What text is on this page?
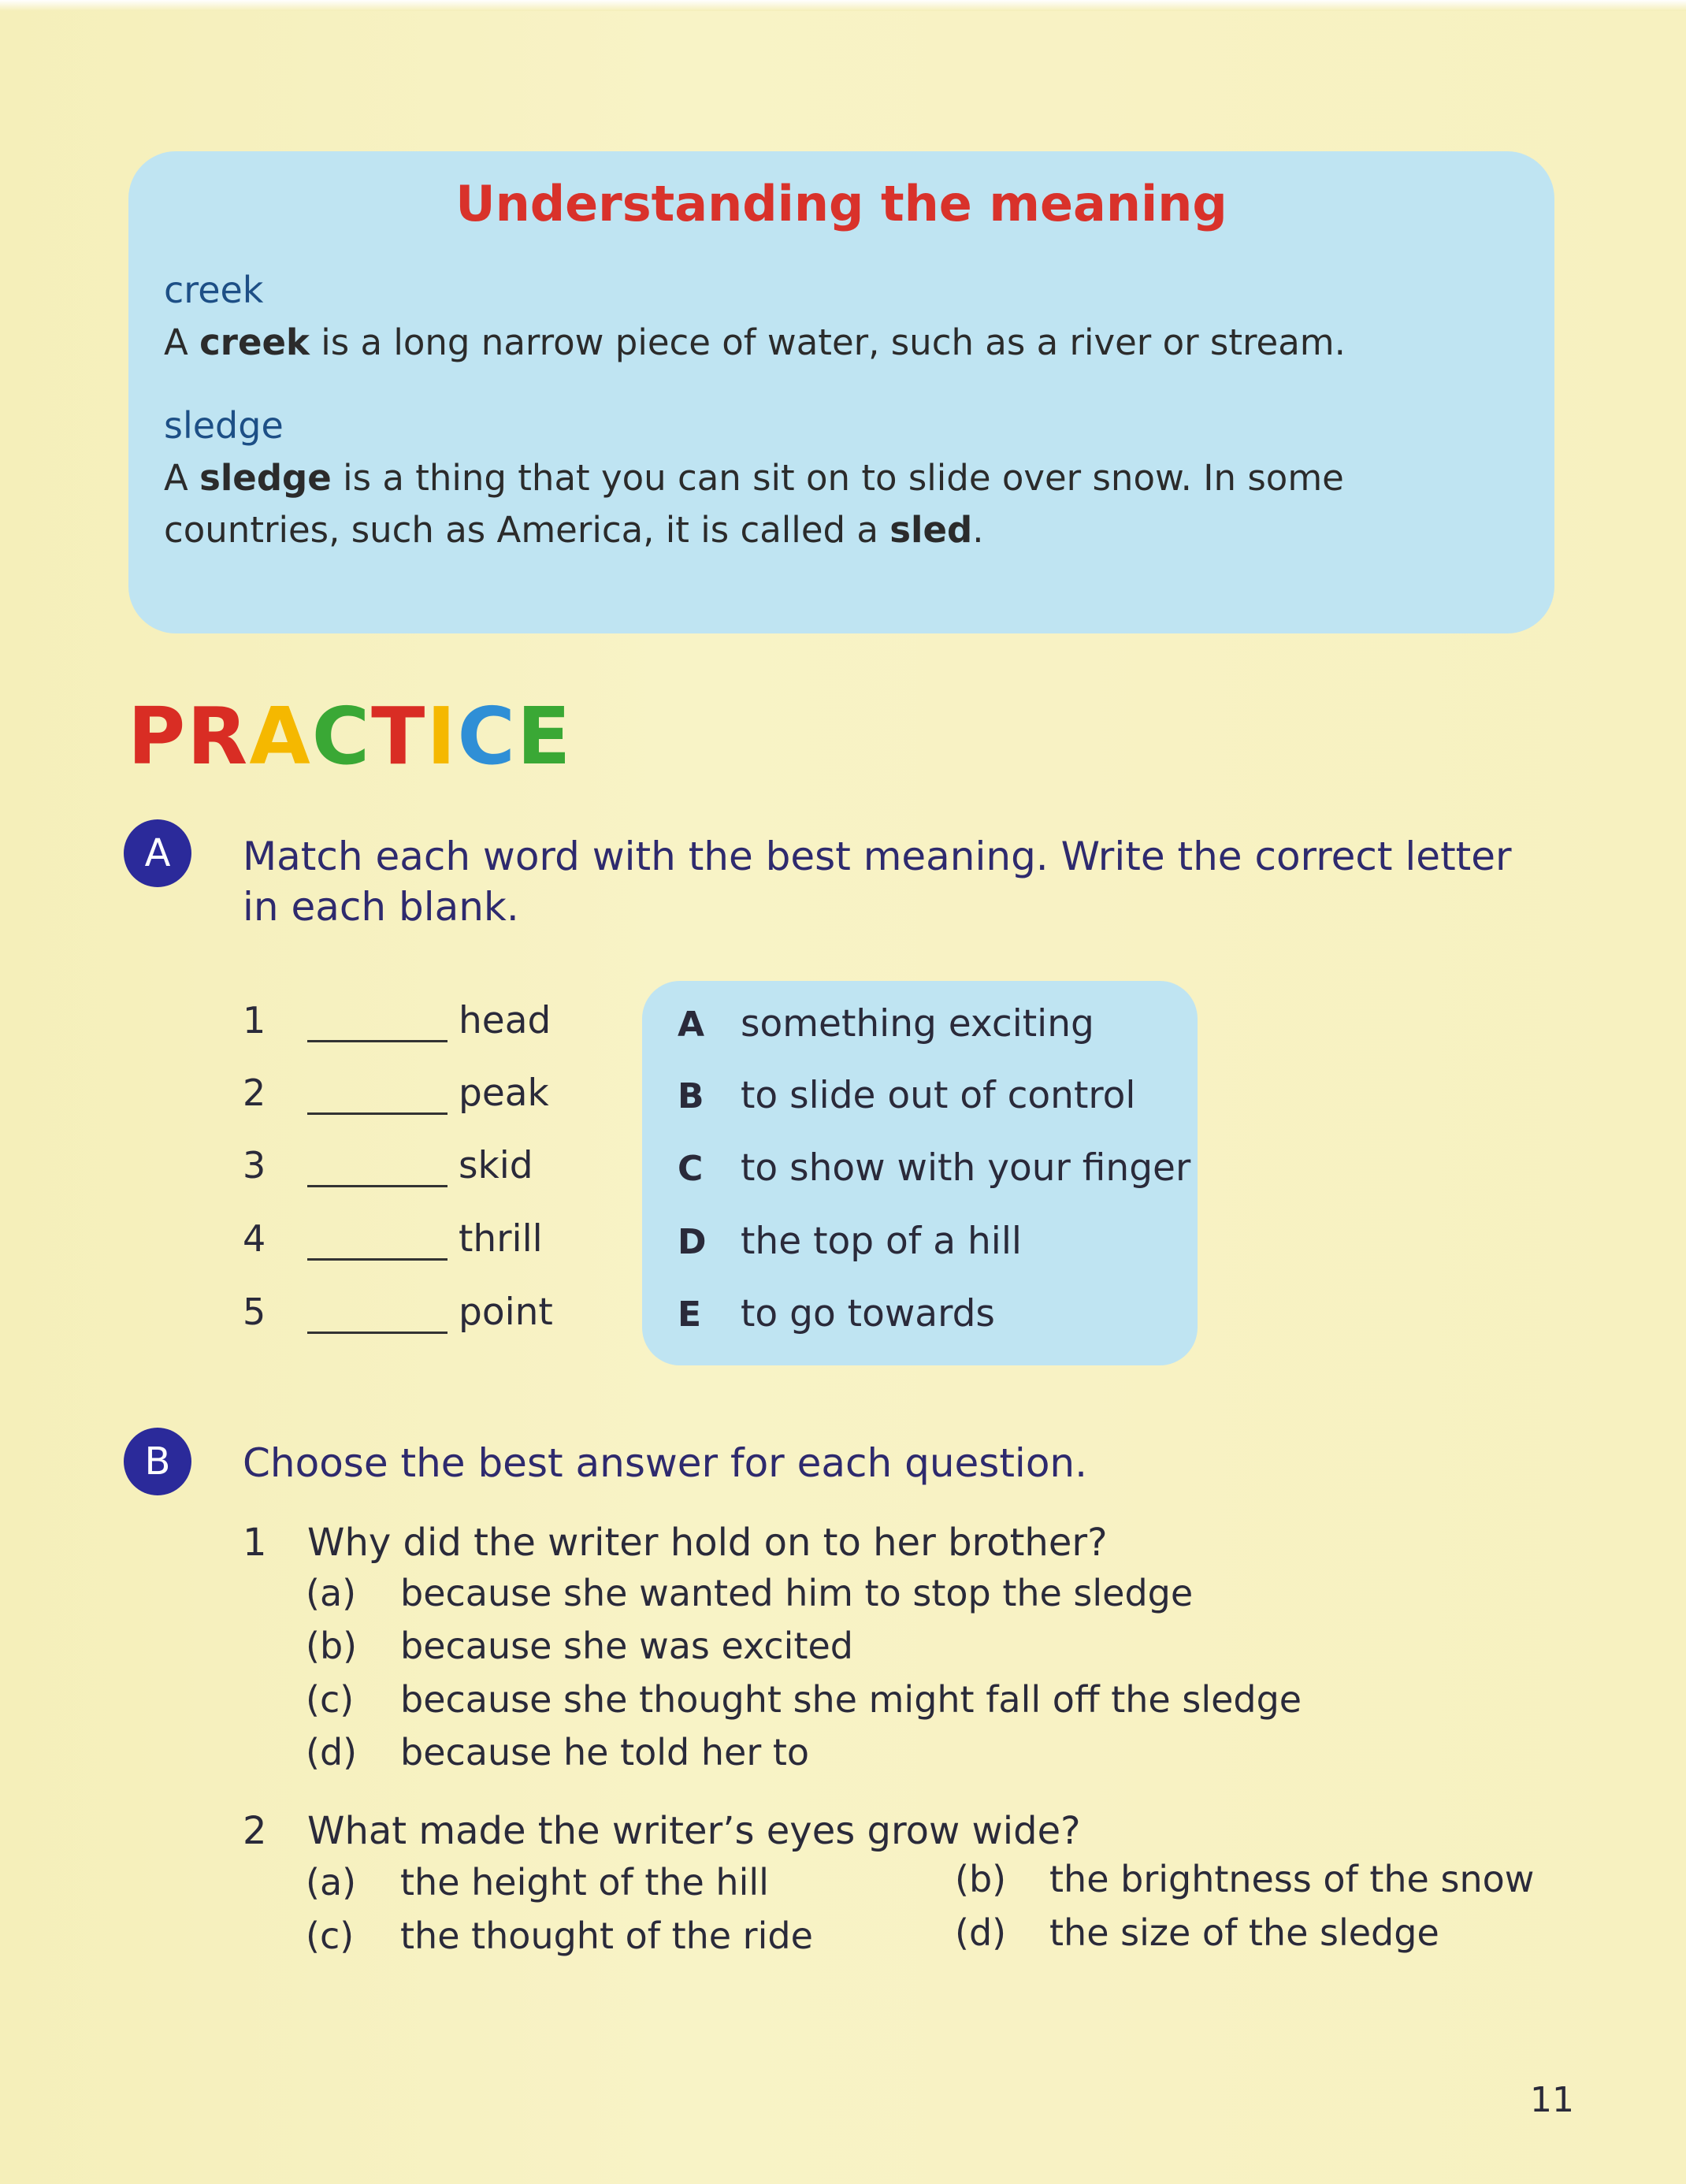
Understanding the meaning
creek
A creek is a long narrow piece of water, such as a river or stream.
sledge
A sledge is a thing that you can sit on to slide over snow. In some countries, such as America, it is called a sled.
PRACTICE
A	Match each word with the best meaning. Write the correct letter in each blank.
1	head
2	peak
3	skid
4	thrill
5	point
A something exciting
B to slide out of control
C to show with your finger
D the top of a hill
E to go towards
B	Choose the best answer for each question.
1 Why did the writer hold on to her brother?
(a) because she wanted him to stop the sledge
(b) because she was excited
(c) because she thought she might fall off the sledge
(d) because he told her to
2 What made the writer’s eyes grow wide?
(a) the height of the hill	(b) the brightness of the snow
(c) the thought of the ride	(d) the size of the sledge
11
